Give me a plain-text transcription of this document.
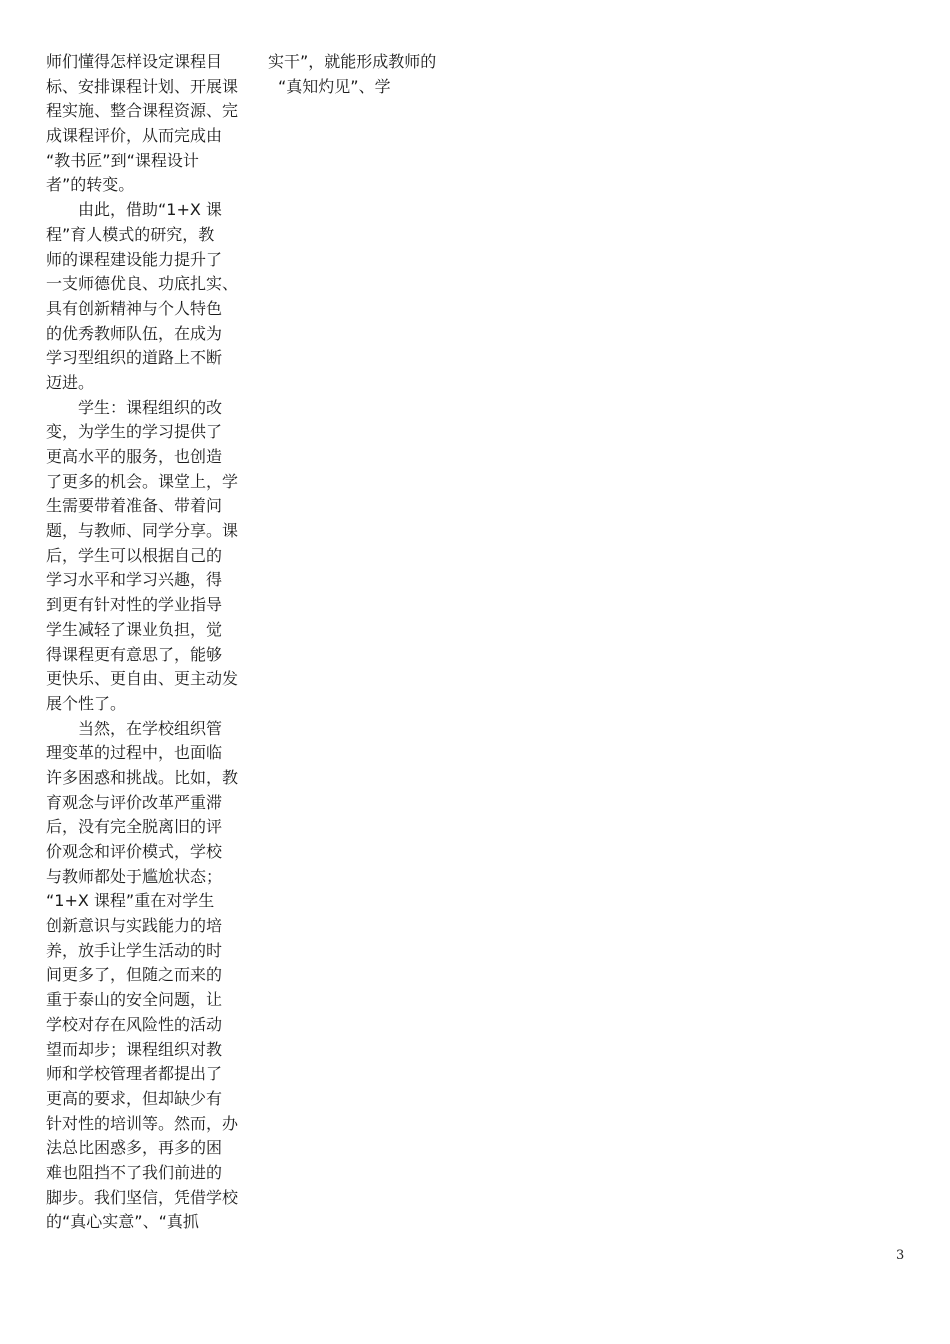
师们懂得怎样设定课程目
标、安排课程计划、开展课
程实施、整合课程资源、完
成课程评价，从而完成由
“教书匠”到“课程设计
者”的转变。
由此，借助“1+X 课
程”育人模式的研究，教
师的课程建设能力提升了
一支师德优良、功底扎实、
具有创新精神与个人特色
的优秀教师队伍，在成为
学习型组织的道路上不断
迈进。
学生：课程组织的改
变，为学生的学习提供了
更高水平的服务，也创造
了更多的机会。课堂上，学
生需要带着准备、带着问
题，与教师、同学分享。课
后，学生可以根据自己的
学习水平和学习兴趣，得
到更有针对性的学业指导
学生减轻了课业负担，觉
得课程更有意思了，能够
更快乐、更自由、更主动发
展个性了。
当然，在学校组织管
理变革的过程中，也面临
许多困惑和挑战。比如，教
育观念与评价改革严重滞
后，没有完全脱离旧的评
价观念和评价模式，学校
与教师都处于尴尬状态；
“1+X 课程”重在对学生
创新意识与实践能力的培
养，放手让学生活动的时
间更多了，但随之而来的
重于泰山的安全问题，让
学校对存在风险性的活动
望而却步；课程组织对教
师和学校管理者都提出了
更高的要求，但却缺少有
针对性的培训等。然而，办
法总比困惑多，再多的困
难也阻挡不了我们前进的
脚步。我们坚信，凭借学校
的“真心实意”、“真抓
实干”，就能形成教师的
“真知灼见”、学
3
